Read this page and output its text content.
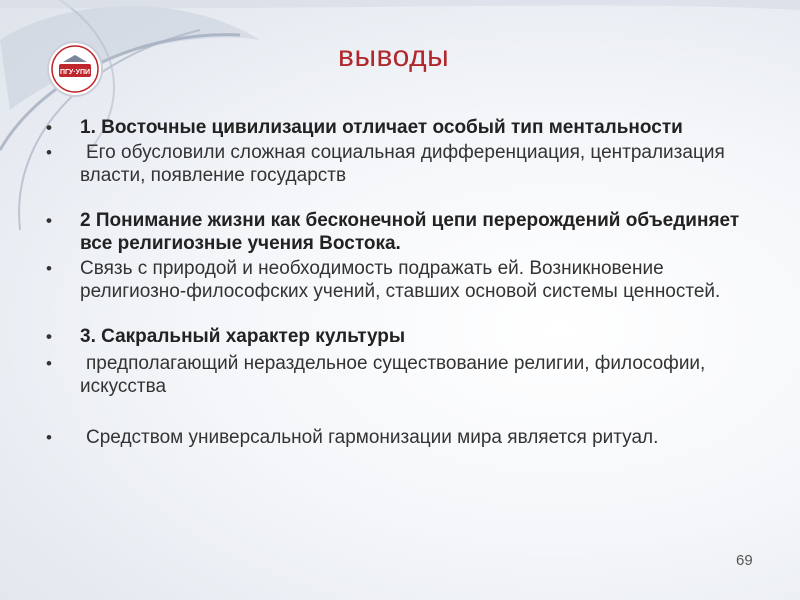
ПГУ·УПИ	выводы
•	1. Восточные цивилизации отличает особый тип ментальности
•	Его обусловили сложная социальная дифференциация, централизация власти, появление государств
•	2 Понимание жизни как бесконечной цепи перерождений объединяет все религиозные учения Востока.
•	Связь с природой и необходимость подражать ей. Возникновение религиозно-философских учений, ставших основой системы ценностей.
•	3. Сакральный характер культуры
•	предполагающий нераздельное существование религии, философии, искусства
•	Средством универсальной гармонизации мира является ритуал.
69
